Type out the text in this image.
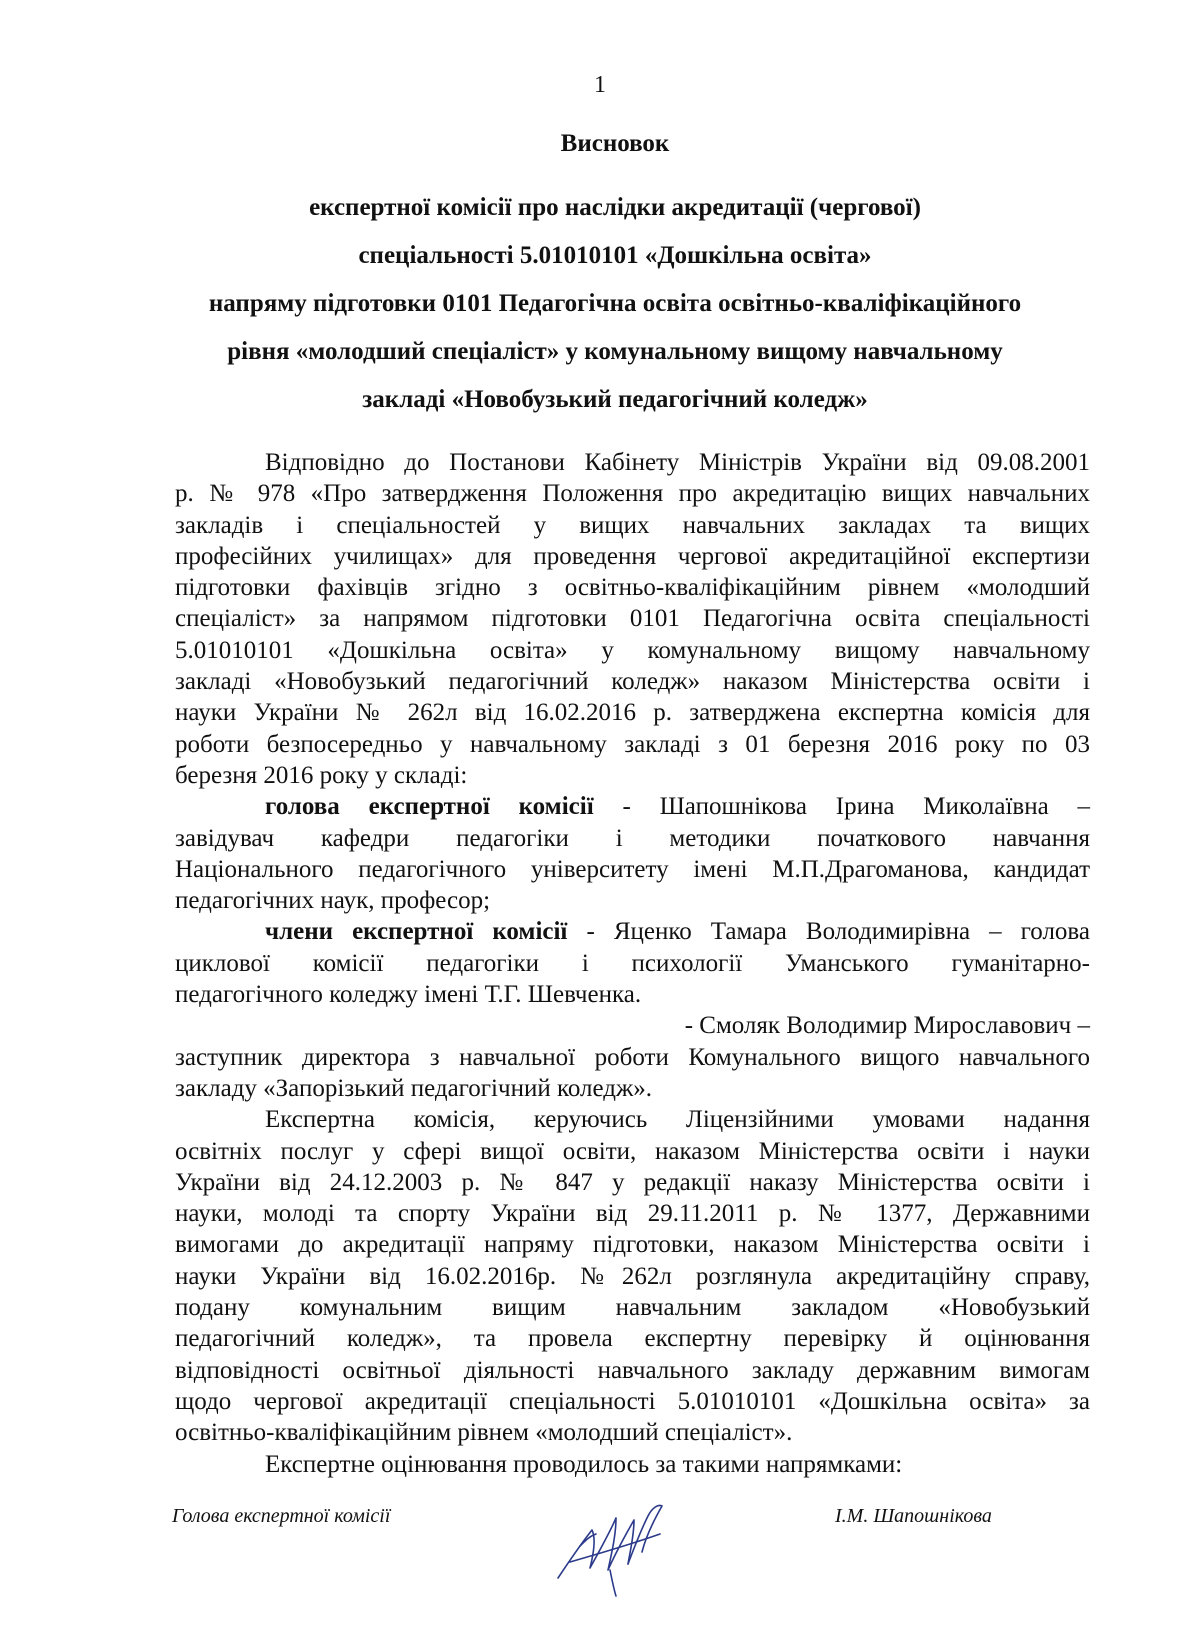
1
Висновок
експертної комісії про наслідки акредитації (чергової)
спеціальності 5.01010101 «Дошкільна освіта»
напряму підготовки 0101 Педагогічна освіта освітньо-кваліфікаційного
рівня «молодший спеціаліст» у комунальному вищому навчальному
закладі «Новобузький педагогічний коледж»
Відповідно до Постанови Кабінету Міністрів України від 09.08.2001
р. № 978 «Про затвердження Положення про акредитацію вищих навчальних
закладів і спеціальностей у вищих навчальних закладах та вищих
професійних училищах» для проведення чергової акредитаційної експертизи
підготовки фахівців згідно з освітньо-кваліфікаційним рівнем «молодший
спеціаліст» за напрямом підготовки 0101 Педагогічна освіта спеціальності
5.01010101 «Дошкільна освіта» у комунальному вищому навчальному
закладі «Новобузький педагогічний коледж» наказом Міністерства освіти і
науки України № 262л від 16.02.2016 р. затверджена експертна комісія для
роботи безпосередньо у навчальному закладі з 01 березня 2016 року по 03
березня 2016 року у складі:
голова експертної комісії - Шапошнікова Ірина Миколаївна –
завідувач кафедри педагогіки і методики початкового навчання
Національного педагогічного університету імені М.П.Драгоманова, кандидат
педагогічних наук, професор;
члени експертної комісії - Яценко Тамара Володимирівна – голова
циклової комісії педагогіки і психології Уманського гуманітарно-
педагогічного коледжу імені Т.Г. Шевченка.
- Смоляк Володимир Мирославович –
заступник директора з навчальної роботи Комунального вищого навчального
закладу «Запорізький педагогічний коледж».
Експертна комісія, керуючись Ліцензійними умовами надання
освітніх послуг у сфері вищої освіти, наказом Міністерства освіти і науки
України від 24.12.2003 р. № 847 у редакції наказу Міністерства освіти і
науки, молоді та спорту України від 29.11.2011 р. № 1377, Державними
вимогами до акредитації напряму підготовки, наказом Міністерства освіти і
науки України від 16.02.2016р. №262л розглянула акредитаційну справу,
подану комунальним вищим навчальним закладом «Новобузький
педагогічний коледж», та провела експертну перевірку й оцінювання
відповідності освітньої діяльності навчального закладу державним вимогам
щодо чергової акредитації спеціальності 5.01010101 «Дошкільна освіта» за
освітньо-кваліфікаційним рівнем «молодший спеціаліст».
Експертне оцінювання проводилось за такими напрямками:
Голова експертної комісії	І.М. Шапошнікова
